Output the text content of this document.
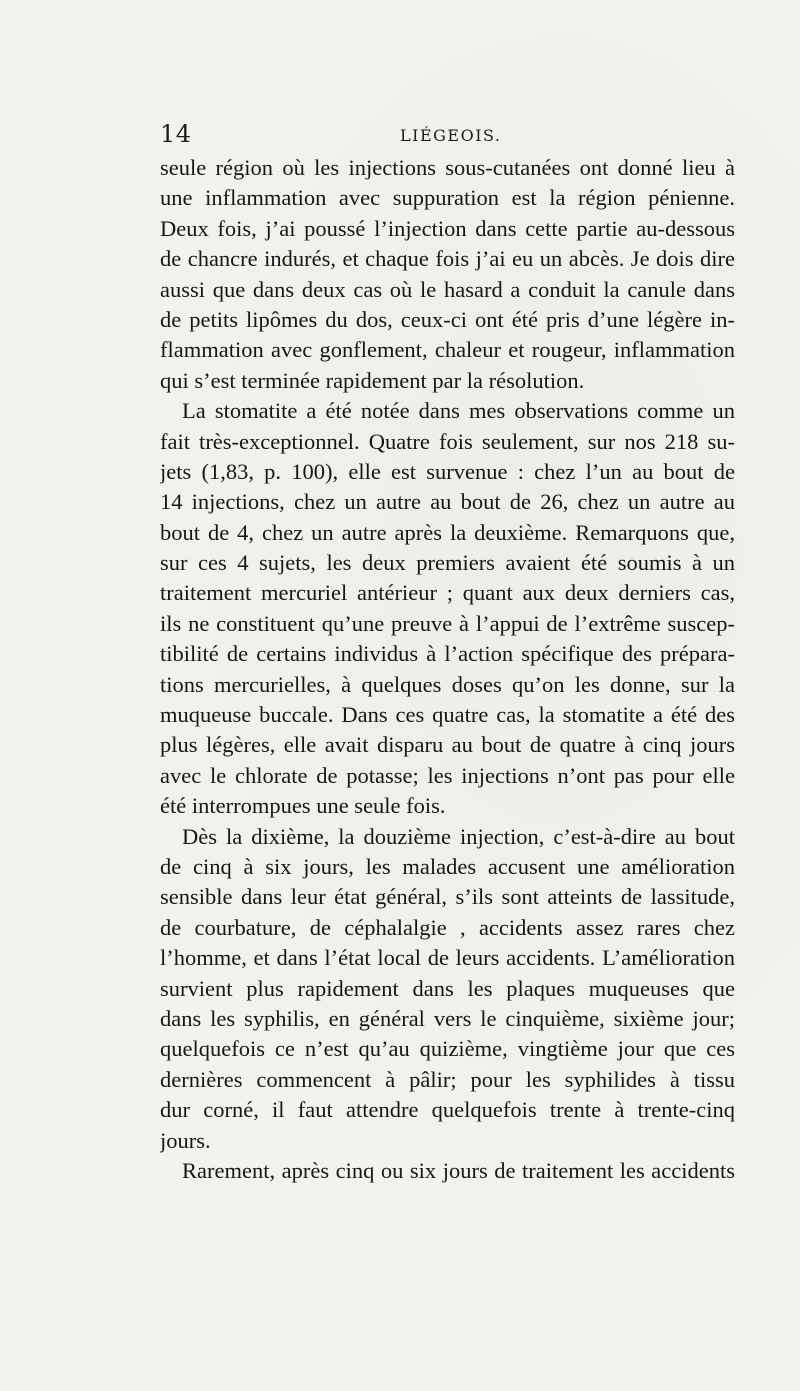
14	LIÉGEOIS.
seule région où les injections sous-cutanées ont donné lieu à
une inflammation avec suppuration est la région pénienne.
Deux fois, j’ai poussé l’injection dans cette partie au-dessous
de chancre indurés, et chaque fois j’ai eu un abcès. Je dois dire
aussi que dans deux cas où le hasard a conduit la canule dans
de petits lipômes du dos, ceux-ci ont été pris d’une légère in-
flammation avec gonflement, chaleur et rougeur, inflammation
qui s’est terminée rapidement par la résolution.
La stomatite a été notée dans mes observations comme un
fait très-exceptionnel. Quatre fois seulement, sur nos 218 su-
jets (1,83, p. 100), elle est survenue : chez l’un au bout de
14 injections, chez un autre au bout de 26, chez un autre au
bout de 4, chez un autre après la deuxième. Remarquons que,
sur ces 4 sujets, les deux premiers avaient été soumis à un
traitement mercuriel antérieur ; quant aux deux derniers cas,
ils ne constituent qu’une preuve à l’appui de l’extrême suscep-
tibilité de certains individus à l’action spécifique des prépara-
tions mercurielles, à quelques doses qu’on les donne, sur la
muqueuse buccale. Dans ces quatre cas, la stomatite a été des
plus légères, elle avait disparu au bout de quatre à cinq jours
avec le chlorate de potasse; les injections n’ont pas pour elle
été interrompues une seule fois.
Dès la dixième, la douzième injection, c’est-à-dire au bout
de cinq à six jours, les malades accusent une amélioration
sensible dans leur état général, s’ils sont atteints de lassitude,
de courbature, de céphalalgie , accidents assez rares chez
l’homme, et dans l’état local de leurs accidents. L’amélioration
survient plus rapidement dans les plaques muqueuses que
dans les syphilis, en général vers le cinquième, sixième jour;
quelquefois ce n’est qu’au quizième, vingtième jour que ces
dernières commencent à pâlir; pour les syphilides à tissu
dur corné, il faut attendre quelquefois trente à trente-cinq
jours.
Rarement, après cinq ou six jours de traitement les accidents
